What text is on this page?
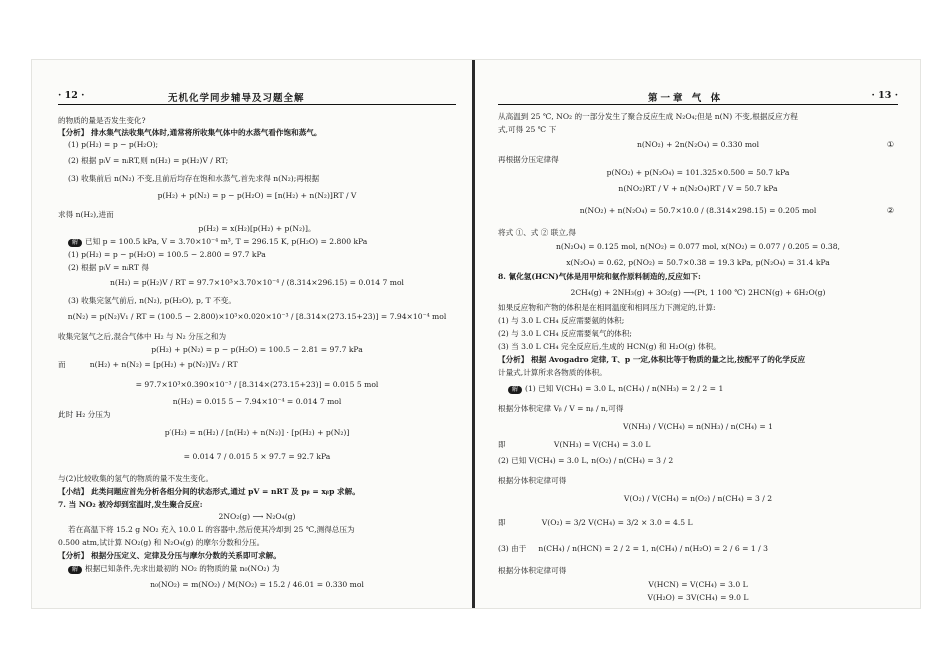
· 12 ·	无机化学同步辅导及习题全解
的物质的量是否发生变化?
【分析】 排水集气法收集气体时,通常将所收集气体中的水蒸气看作饱和蒸气。
(1) p(H₂) = p − p(H₂O);
(2) 根据 pᵢV = nᵢRT,则 n(H₂) = p(H₂)V / RT;
(3) 收集前后 n(N₂) 不变,且前后均存在饱和水蒸气,首先求得 n(N₂);再根据
p(H₂) + p(N₂) = p − p(H₂O) = [n(H₂) + n(N₂)]RT / V
求得 n(H₂),进而
p(H₂) = x(H₂)[p(H₂) + p(N₂)]。
解 已知 p = 100.5 kPa, V = 3.70×10⁻⁴ m³, T = 296.15 K, p(H₂O) = 2.800 kPa
(1) p(H₂) = p − p(H₂O) = 100.5 − 2.800 = 97.7 kPa
(2) 根据 pᵢV = nᵢRT 得
n(H₂) = p(H₂)V / RT = 97.7×10³×3.70×10⁻⁴ / (8.314×296.15) = 0.014 7 mol
(3) 收集完氢气前后, n(N₂), p(H₂O), p, T 不变。
n(N₂) = p(N₂)V₁ / RT = (100.5 − 2.800)×10³×0.020×10⁻³ / [8.314×(273.15+23)] = 7.94×10⁻⁴ mol
收集完氢气之后,混合气体中 H₂ 与 N₂ 分压之和为
p(H₂) + p(N₂) = p − p(H₂O) = 100.5 − 2.81 = 97.7 kPa
而          n(H₂) + n(N₂) = [p(H₂) + p(N₂)]V₂ / RT
= 97.7×10³×0.390×10⁻³ / [8.314×(273.15+23)] = 0.015 5 mol
n(H₂) = 0.015 5 − 7.94×10⁻⁴ = 0.014 7 mol
此时 H₂ 分压为
p′(H₂) = n(H₂) / [n(H₂) + n(N₂)] · [p(H₂) + p(N₂)]
= 0.014 7 / 0.015 5 × 97.7 = 92.7 kPa
与(2)比较收集的氢气的物质的量不发生变化。
【小结】 此类问题应首先分析各组分间的状态形式,通过 pV = nRT 及 pᵦ = xᵦp 求解。
7. 当 NO₂ 被冷却到室温时,发生聚合反应:
2NO₂(g) ⟶ N₂O₄(g)
若在高温下将 15.2 g NO₂ 充入 10.0 L 的容器中,然后使其冷却到 25 ℃,测得总压为
0.500 atm,试计算 NO₂(g) 和 N₂O₄(g) 的摩尔分数和分压。
【分析】 根据分压定义、定律及分压与摩尔分数的关系即可求解。
解 根据已知条件,先求出最初的 NO₂ 的物质的量 n₀(NO₂) 为
n₀(NO₂) = m(NO₂) / M(NO₂) = 15.2 / 46.01 = 0.330 mol
第一章 气 体	· 13 ·
从高温到 25 ℃, NO₂ 的一部分发生了聚合反应生成 N₂O₄;但是 n(N) 不变,根据反应方程
式,可得 25 ℃ 下
n(NO₂) + 2n(N₂O₄) = 0.330 mol	①
再根据分压定律得
p(NO₂) + p(N₂O₄) = 101.325×0.500 = 50.7 kPa
n(NO₂)RT / V + n(N₂O₄)RT / V = 50.7 kPa
n(NO₂) + n(N₂O₄) = 50.7×10.0 / (8.314×298.15) = 0.205 mol	②
将式 ①、式 ② 联立,得
n(N₂O₄) = 0.125 mol, n(NO₂) = 0.077 mol, x(NO₂) = 0.077 / 0.205 = 0.38,
x(N₂O₄) = 0.62, p(NO₂) = 50.7×0.38 = 19.3 kPa, p(N₂O₄) = 31.4 kPa
8. 氰化氢(HCN)气体是用甲烷和氨作原料制造的,反应如下:
2CH₄(g) + 2NH₃(g) + 3O₂(g) ⟶(Pt, 1 100 ℃) 2HCN(g) + 6H₂O(g)
如果反应物和产物的体积是在相同温度和相同压力下测定的,计算:
(1) 与 3.0 L CH₄ 反应需要氨的体积;
(2) 与 3.0 L CH₄ 反应需要氧气的体积;
(3) 当 3.0 L CH₄ 完全反应后,生成的 HCN(g) 和 H₂O(g) 体积。
【分析】 根据 Avogadro 定律, T、p 一定,体积比等于物质的量之比,按配平了的化学反应
计量式,计算所求各物质的体积。
解 (1) 已知 V(CH₄) = 3.0 L, n(CH₄) / n(NH₃) = 2 / 2 = 1
根据分体积定律 Vᵦ / V = nᵦ / n,可得
V(NH₃) / V(CH₄) = n(NH₃) / n(CH₄) = 1
即                    V(NH₃) = V(CH₄) = 3.0 L
(2) 已知 V(CH₄) = 3.0 L, n(O₂) / n(CH₄) = 3 / 2
根据分体积定律可得
V(O₂) / V(CH₄) = n(O₂) / n(CH₄) = 3 / 2
即               V(O₂) = 3/2 V(CH₄) = 3/2 × 3.0 = 4.5 L
(3) 由于     n(CH₄) / n(HCN) = 2 / 2 = 1, n(CH₄) / n(H₂O) = 2 / 6 = 1 / 3
根据分体积定律可得
V(HCN) = V(CH₄) = 3.0 L
V(H₂O) = 3V(CH₄) = 9.0 L
